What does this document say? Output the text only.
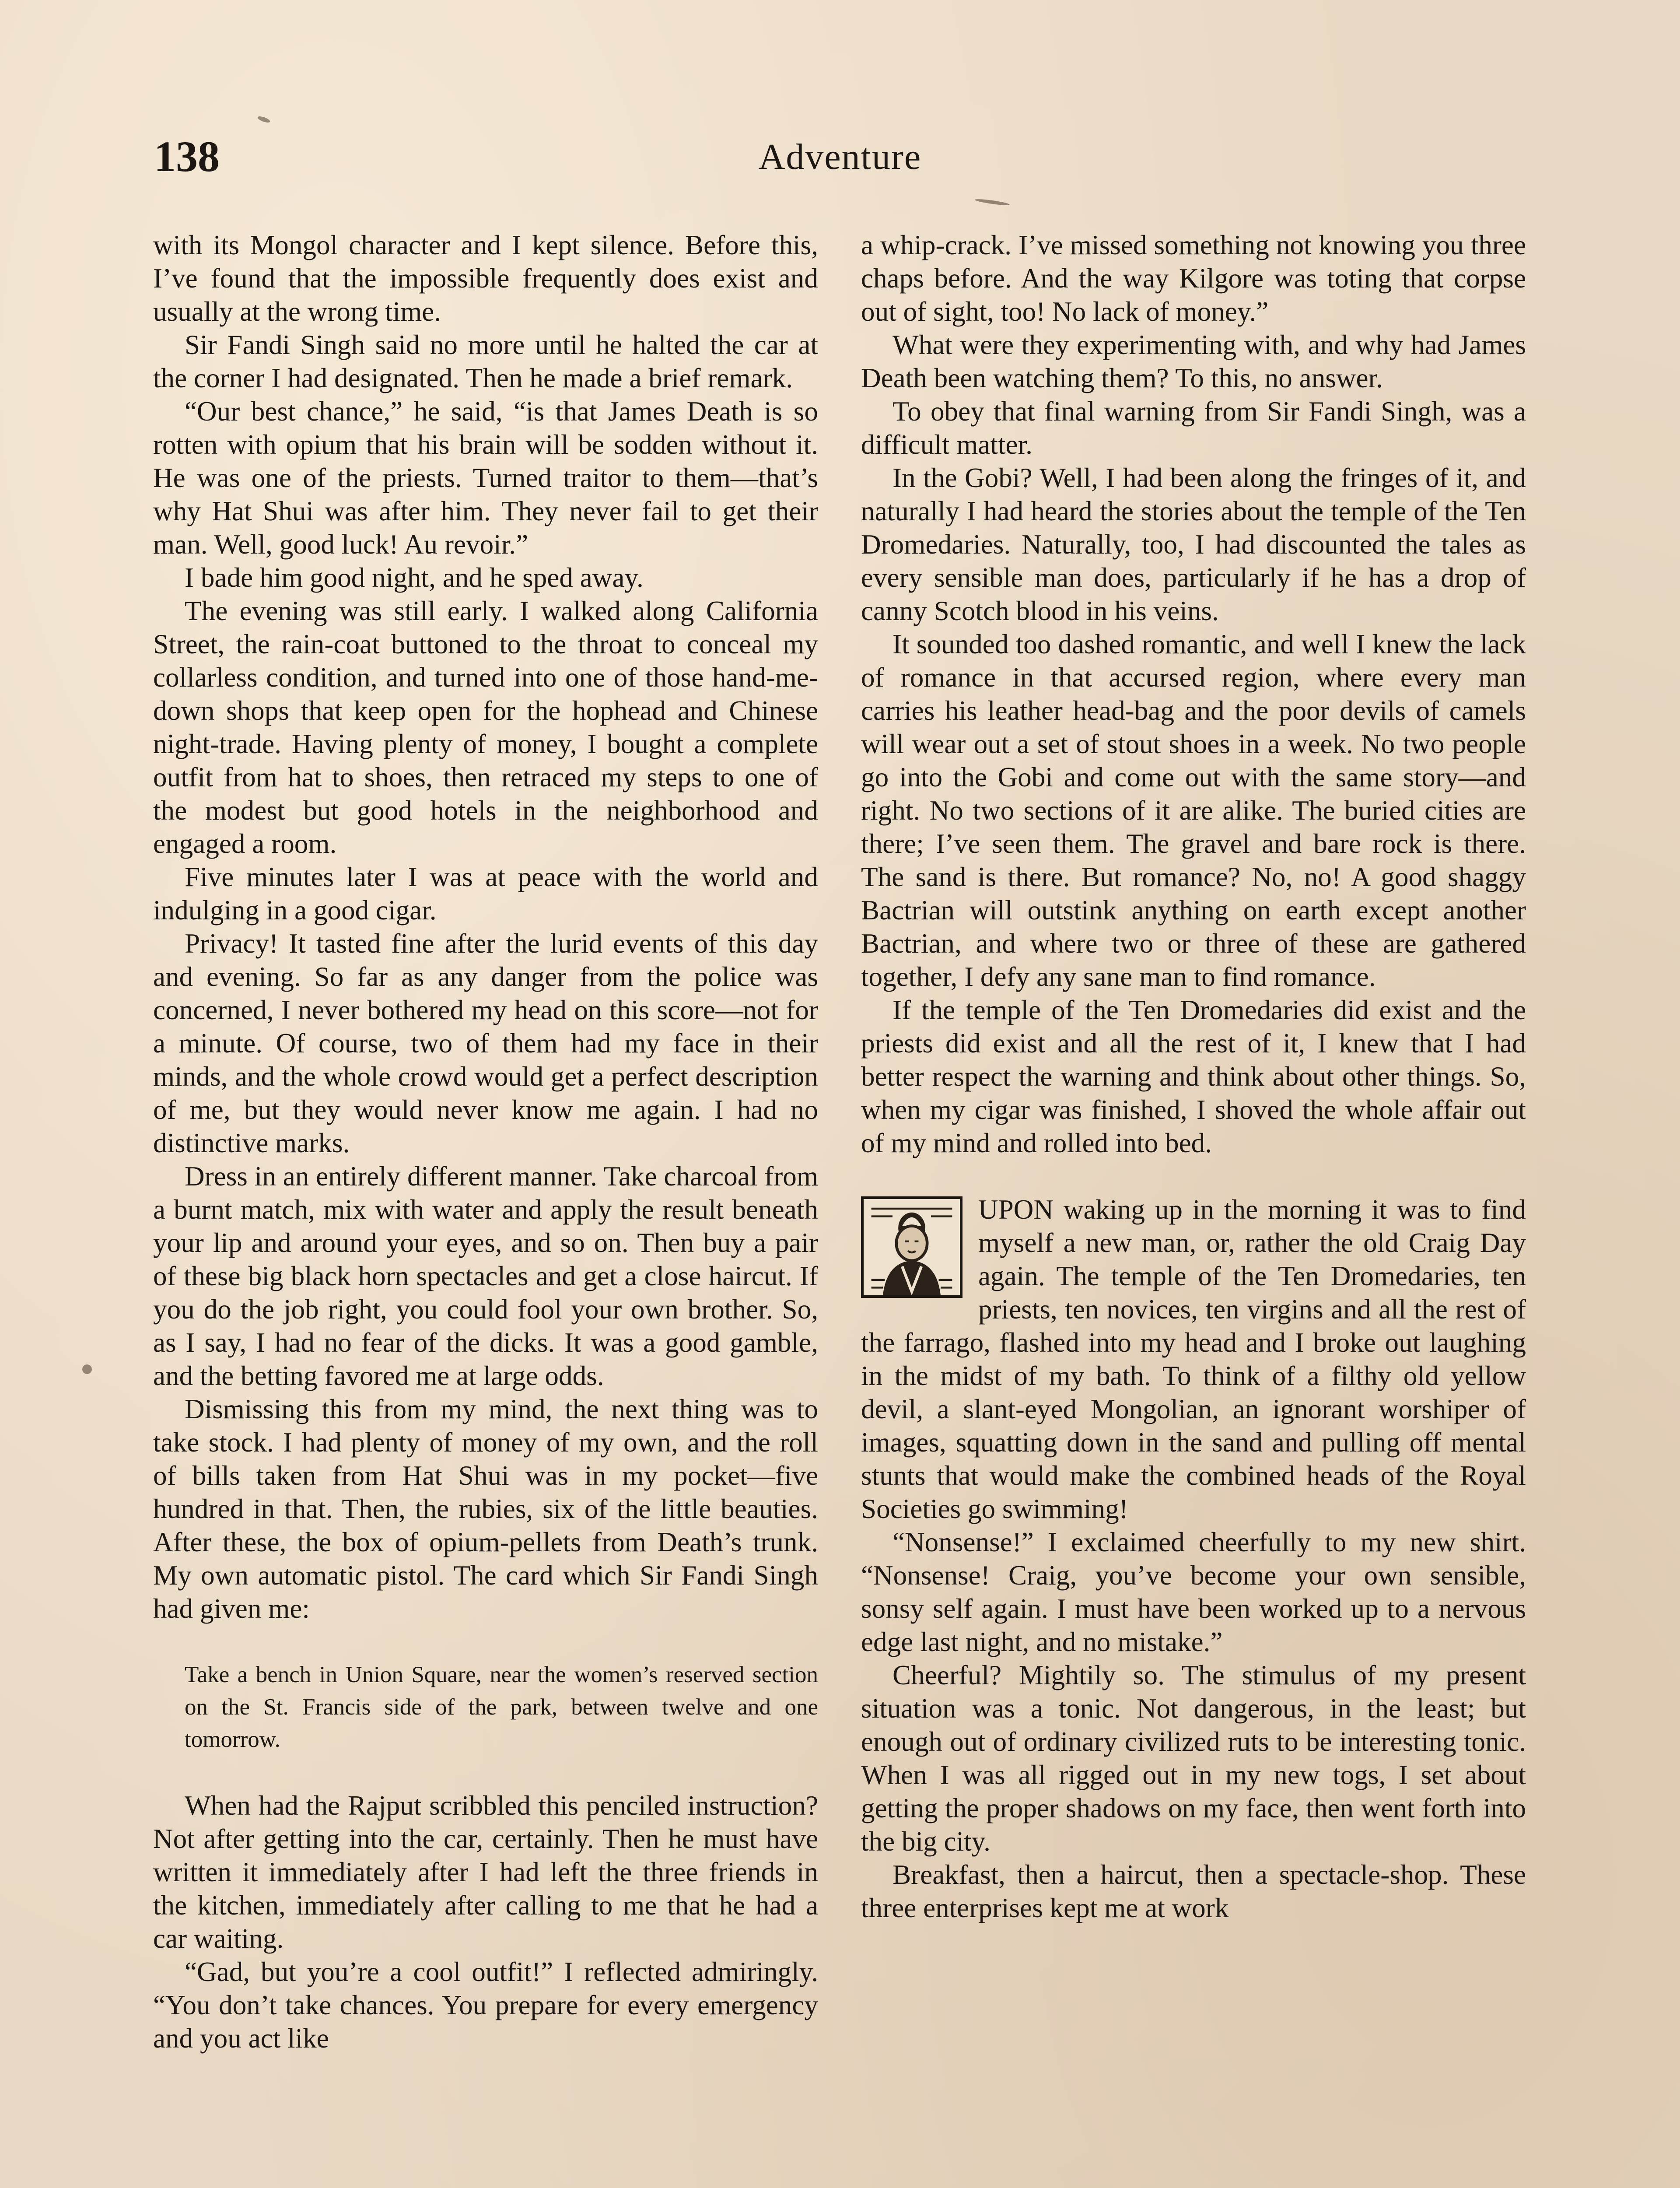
138	Adventure

with its Mongol character and I kept silence. Before this, I’ve found that the impossible frequently does exist and usually at the wrong time.

Sir Fandi Singh said no more until he halted the car at the corner I had designated. Then he made a brief remark.

“Our best chance,” he said, “is that James Death is so rotten with opium that his brain will be sodden without it. He was one of the priests. Turned traitor to them—that’s why Hat Shui was after him. They never fail to get their man. Well, good luck! Au revoir.”

I bade him good night, and he sped away.

The evening was still early. I walked along California Street, the rain-coat buttoned to the throat to conceal my collarless condition, and turned into one of those hand-me-down shops that keep open for the hophead and Chinese night-trade. Having plenty of money, I bought a complete outfit from hat to shoes, then retraced my steps to one of the modest but good hotels in the neighborhood and engaged a room.

Five minutes later I was at peace with the world and indulging in a good cigar.

Privacy! It tasted fine after the lurid events of this day and evening. So far as any danger from the police was concerned, I never bothered my head on this score—not for a minute. Of course, two of them had my face in their minds, and the whole crowd would get a perfect description of me, but they would never know me again. I had no distinctive marks.

Dress in an entirely different manner. Take charcoal from a burnt match, mix with water and apply the result beneath your lip and around your eyes, and so on. Then buy a pair of these big black horn spectacles and get a close haircut. If you do the job right, you could fool your own brother. So, as I say, I had no fear of the dicks. It was a good gamble, and the betting favored me at large odds.

Dismissing this from my mind, the next thing was to take stock. I had plenty of money of my own, and the roll of bills taken from Hat Shui was in my pocket—five hundred in that. Then, the rubies, six of the little beauties. After these, the box of opium-pellets from Death’s trunk. My own automatic pistol. The card which Sir Fandi Singh had given me:

Take a bench in Union Square, near the women’s reserved section on the St. Francis side of the park, between twelve and one tomorrow.

When had the Rajput scribbled this penciled instruction? Not after getting into the car, certainly. Then he must have written it immediately after I had left the three friends in the kitchen, immediately after calling to me that he had a car waiting.

“Gad, but you’re a cool outfit!” I reflected admiringly. “You don’t take chances. You prepare for every emergency and you act like

a whip-crack. I’ve missed something not knowing you three chaps before. And the way Kilgore was toting that corpse out of sight, too! No lack of money.”

What were they experimenting with, and why had James Death been watching them? To this, no answer.

To obey that final warning from Sir Fandi Singh, was a difficult matter.

In the Gobi? Well, I had been along the fringes of it, and naturally I had heard the stories about the temple of the Ten Dromedaries. Naturally, too, I had discounted the tales as every sensible man does, particularly if he has a drop of canny Scotch blood in his veins.

It sounded too dashed romantic, and well I knew the lack of romance in that accursed region, where every man carries his leather head-bag and the poor devils of camels will wear out a set of stout shoes in a week. No two people go into the Gobi and come out with the same story—and right. No two sections of it are alike. The buried cities are there; I’ve seen them. The gravel and bare rock is there. The sand is there. But romance? No, no! A good shaggy Bactrian will outstink anything on earth except another Bactrian, and where two or three of these are gathered together, I defy any sane man to find romance.

If the temple of the Ten Dromedaries did exist and the priests did exist and all the rest of it, I knew that I had better respect the warning and think about other things. So, when my cigar was finished, I shoved the whole affair out of my mind and rolled into bed.

UPON waking up in the morning it was to find myself a new man, or, rather the old Craig Day again. The temple of the Ten Dromedaries, ten priests, ten novices, ten virgins and all the rest of the farrago, flashed into my head and I broke out laughing in the midst of my bath. To think of a filthy old yellow devil, a slant-eyed Mongolian, an ignorant worshiper of images, squatting down in the sand and pulling off mental stunts that would make the combined heads of the Royal Societies go swimming!

“Nonsense!” I exclaimed cheerfully to my new shirt. “Nonsense! Craig, you’ve become your own sensible, sonsy self again. I must have been worked up to a nervous edge last night, and no mistake.”

Cheerful? Mightily so. The stimulus of my present situation was a tonic. Not dangerous, in the least; but enough out of ordinary civilized ruts to be interesting tonic. When I was all rigged out in my new togs, I set about getting the proper shadows on my face, then went forth into the big city.

Breakfast, then a haircut, then a spectacle-shop. These three enterprises kept me at work
